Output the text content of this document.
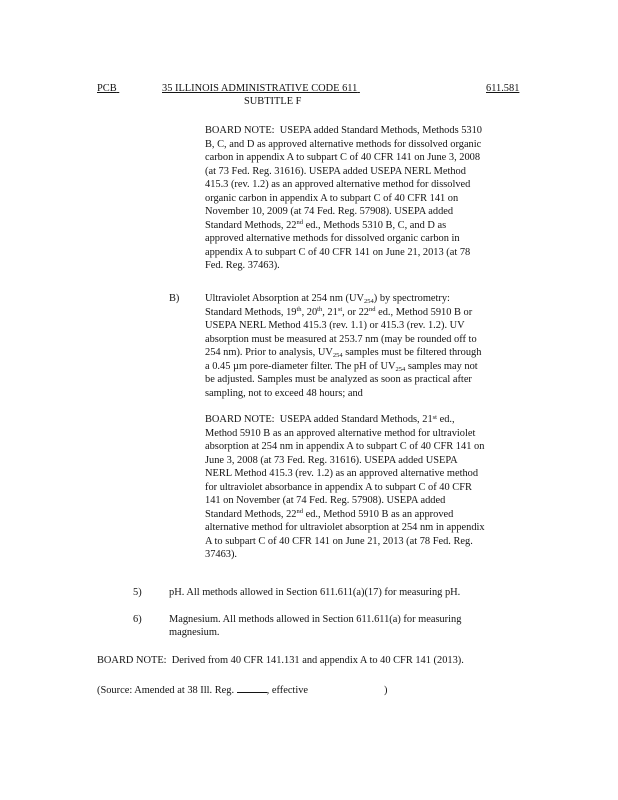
PCB	35 ILLINOIS ADMINISTRATIVE CODE 611	611.581
SUBTITLE F
BOARD NOTE: USEPA added Standard Methods, Methods 5310
B, C, and D as approved alternative methods for dissolved organic
carbon in appendix A to subpart C of 40 CFR 141 on June 3, 2008
(at 73 Fed. Reg. 31616). USEPA added USEPA NERL Method
415.3 (rev. 1.2) as an approved alternative method for dissolved
organic carbon in appendix A to subpart C of 40 CFR 141 on
November 10, 2009 (at 74 Fed. Reg. 57908). USEPA added
Standard Methods, 22nd ed., Methods 5310 B, C, and D as
approved alternative methods for dissolved organic carbon in
appendix A to subpart C of 40 CFR 141 on June 21, 2013 (at 78
Fed. Reg. 37463).
B) Ultraviolet Absorption at 254 nm $(UV_{254})$ by spectrometry:
Standard Methods, 19th, 20th, 21st, or 22nd ed., Method 5910 B or
USEPA NERL Method 415.3 (rev. 1.1) or 415.3 (rev. 1.2). UV
absorption must be measured at 253.7 nm (may be rounded off to
254 nm). Prior to analysis, $UV_{254}$ samples must be filtered through
a 0.45 µm pore-diameter filter. The pH of $UV_{254}$ samples may not
be adjusted. Samples must be analyzed as soon as practical after
sampling, not to exceed 48 hours; and
BOARD NOTE: USEPA added Standard Methods, 21st ed.,
Method 5910 B as an approved alternative method for ultraviolet
absorption at 254 nm in appendix A to subpart C of 40 CFR 141 on
June 3, 2008 (at 73 Fed. Reg. 31616). USEPA added USEPA
NERL Method 415.3 (rev. 1.2) as an approved alternative method
for ultraviolet absorbance in appendix A to subpart C of 40 CFR
141 on November (at 74 Fed. Reg. 57908). USEPA added
Standard Methods, 22nd ed., Method 5910 B as an approved
alternative method for ultraviolet absorption at 254 nm in appendix
A to subpart C of 40 CFR 141 on June 21, 2013 (at 78 Fed. Reg.
37463).
5)	pH. All methods allowed in Section 611.611(a)(17) for measuring pH.
6)	Magnesium. All methods allowed in Section 611.611(a) for measuring
magnesium.
BOARD NOTE: Derived from 40 CFR 141.131 and appendix A to 40 CFR 141 (2013).
(Source: Amended at 38 Ill. Reg.	, effective	)
